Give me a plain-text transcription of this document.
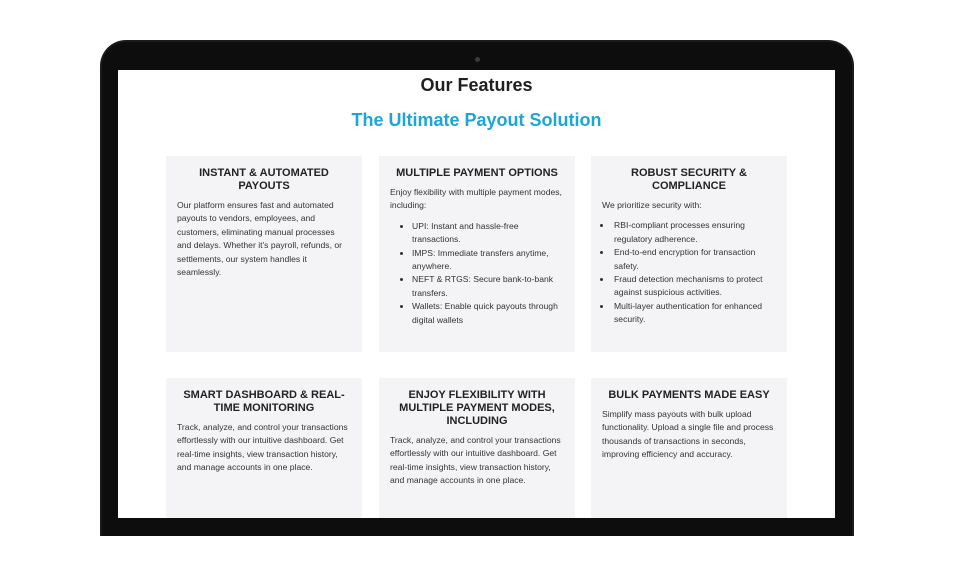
Our Features
The Ultimate Payout Solution
INSTANT & AUTOMATED PAYOUTS

Our platform ensures fast and automated payouts to vendors, employees, and customers, eliminating manual processes and delays. Whether it's payroll, refunds, or settlements, our system handles it seamlessly.

MULTIPLE PAYMENT OPTIONS

Enjoy flexibility with multiple payment modes, including:

• UPI: Instant and hassle-free transactions.
• IMPS: Immediate transfers anytime, anywhere.
• NEFT & RTGS: Secure bank-to-bank transfers.
• Wallets: Enable quick payouts through digital wallets
ROBUST SECURITY & COMPLIANCE

We prioritize security with:

• RBI-compliant processes ensuring regulatory adherence.
• End-to-end encryption for transaction safety.
• Fraud detection mechanisms to protect against suspicious activities.
• Multi-layer authentication for enhanced security.
SMART DASHBOARD & REAL-TIME MONITORING

Track, analyze, and control your transactions effortlessly with our intuitive dashboard. Get real-time insights, view transaction history, and manage accounts in one place.

ENJOY FLEXIBILITY WITH MULTIPLE PAYMENT MODES, INCLUDING

Track, analyze, and control your transactions effortlessly with our intuitive dashboard. Get real-time insights, view transaction history, and manage accounts in one place.

BULK PAYMENTS MADE EASY

Simplify mass payouts with bulk upload functionality. Upload a single file and process thousands of transactions in seconds, improving efficiency and accuracy.
